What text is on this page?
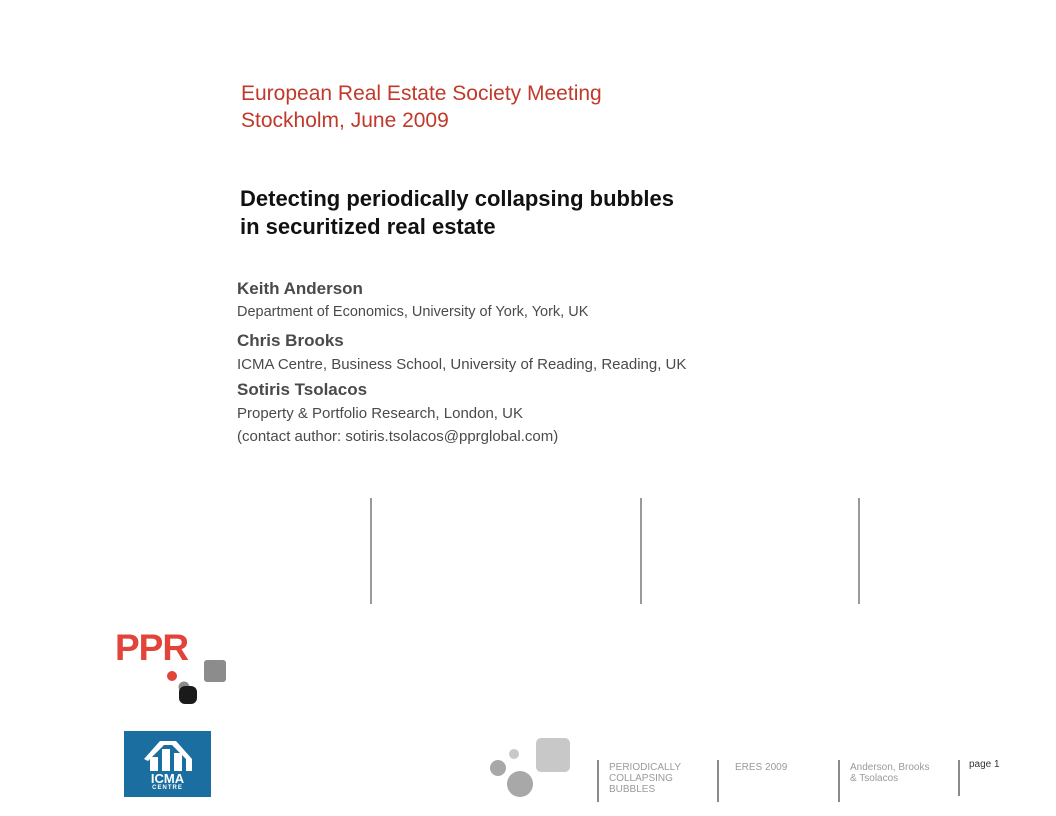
European Real Estate Society Meeting
Stockholm, June 2009
Detecting periodically collapsing bubbles
in securitized real estate
Keith Anderson
Department of Economics, University of York, York, UK
Chris Brooks
ICMA Centre, Business School, University of Reading, Reading, UK
Sotiris Tsolacos
Property & Portfolio Research, London, UK
(contact author: sotiris.tsolacos@pprglobal.com)
PPR
ICMA
CENTRE
PERIODICALLY
COLLAPSING
BUBBLES
ERES 2009	Anderson, Brooks
& Tsolacos
page 1
